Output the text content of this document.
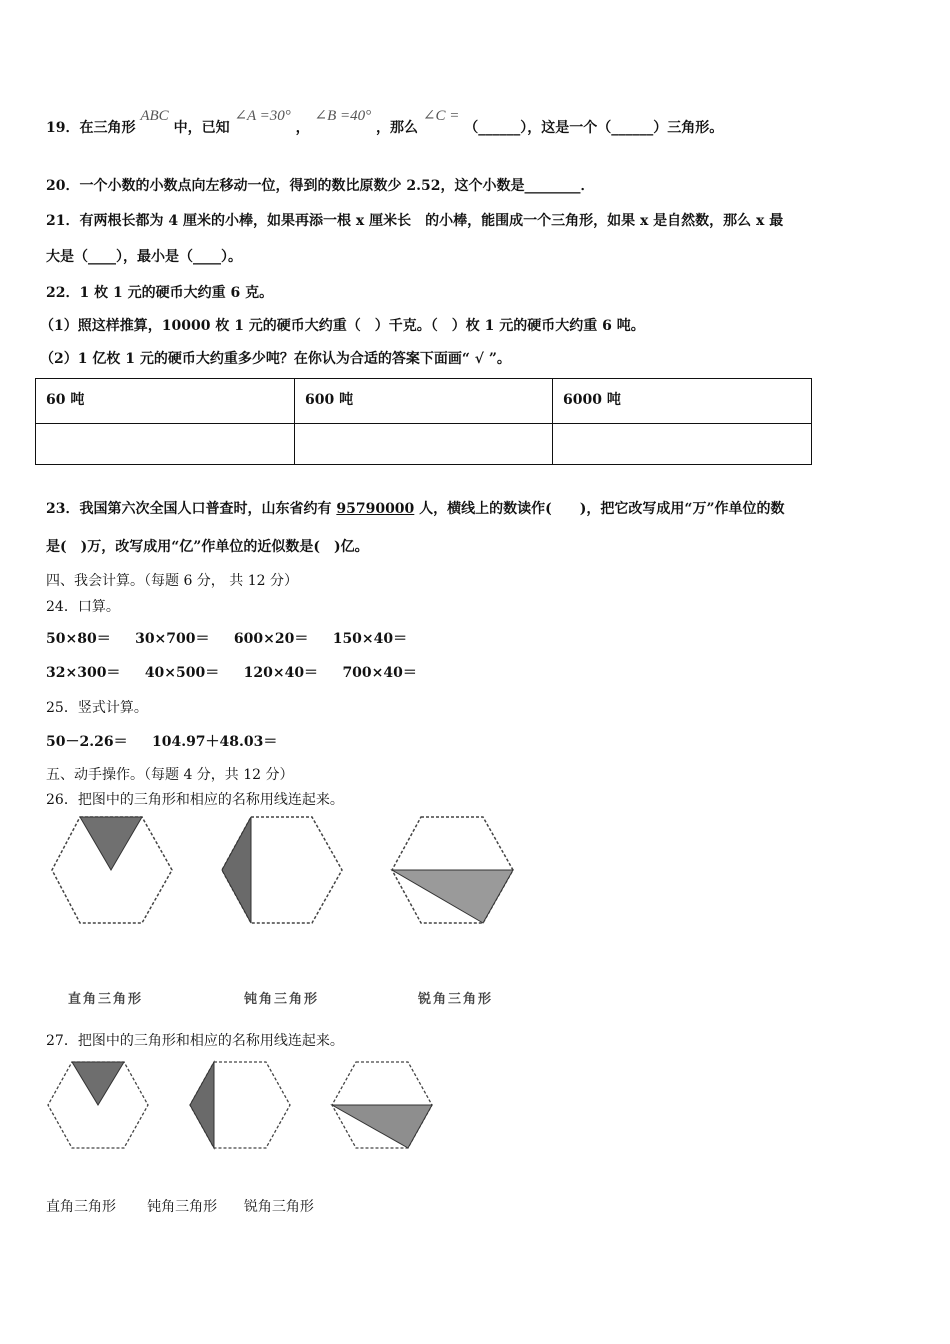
19．在三角形 ABC 中，已知 ∠A =30° ， ∠B =40° ，那么 ∠C = （______），这是一个（______）三角形。
20．一个小数的小数点向左移动一位，得到的数比原数少 2.52，这个小数是________．
21．有两根长都为 4 厘米的小棒，如果再添一根 x 厘米长　的小棒，能围成一个三角形，如果 x 是自然数，那么 x 最
大是（____），最小是（____）。
22．1 枚 1 元的硬币大约重 6 克。
（1）照这样推算，10000 枚 1 元的硬币大约重（　）千克。（　）枚 1 元的硬币大约重 6 吨。
（2）1 亿枚 1 元的硬币大约重多少吨？在你认为合适的答案下面画“ √ ”。
60 吨	600 吨	6000 吨

23．我国第六次全国人口普查时，山东省约有 95790000 人，横线上的数读作(　　)，把它改写成用“万”作单位的数
是(　)万，改写成用“亿”作单位的近似数是(　)亿。
四、我会计算。（每题 6 分， 共 12 分）
24．口算。
50×80＝ 30×700＝ 600×20＝ 150×40＝
32×300＝ 40×500＝ 120×40＝ 700×40＝
25．竖式计算。
50－2.26＝ 104.97＋48.03＝
五、动手操作。（每题 4 分，共 12 分）
26．把图中的三角形和相应的名称用线连起来。
直角三角形	钝角三角形	锐角三角形
27．把图中的三角形和相应的名称用线连起来。
直角三角形 钝角三角形 锐角三角形
